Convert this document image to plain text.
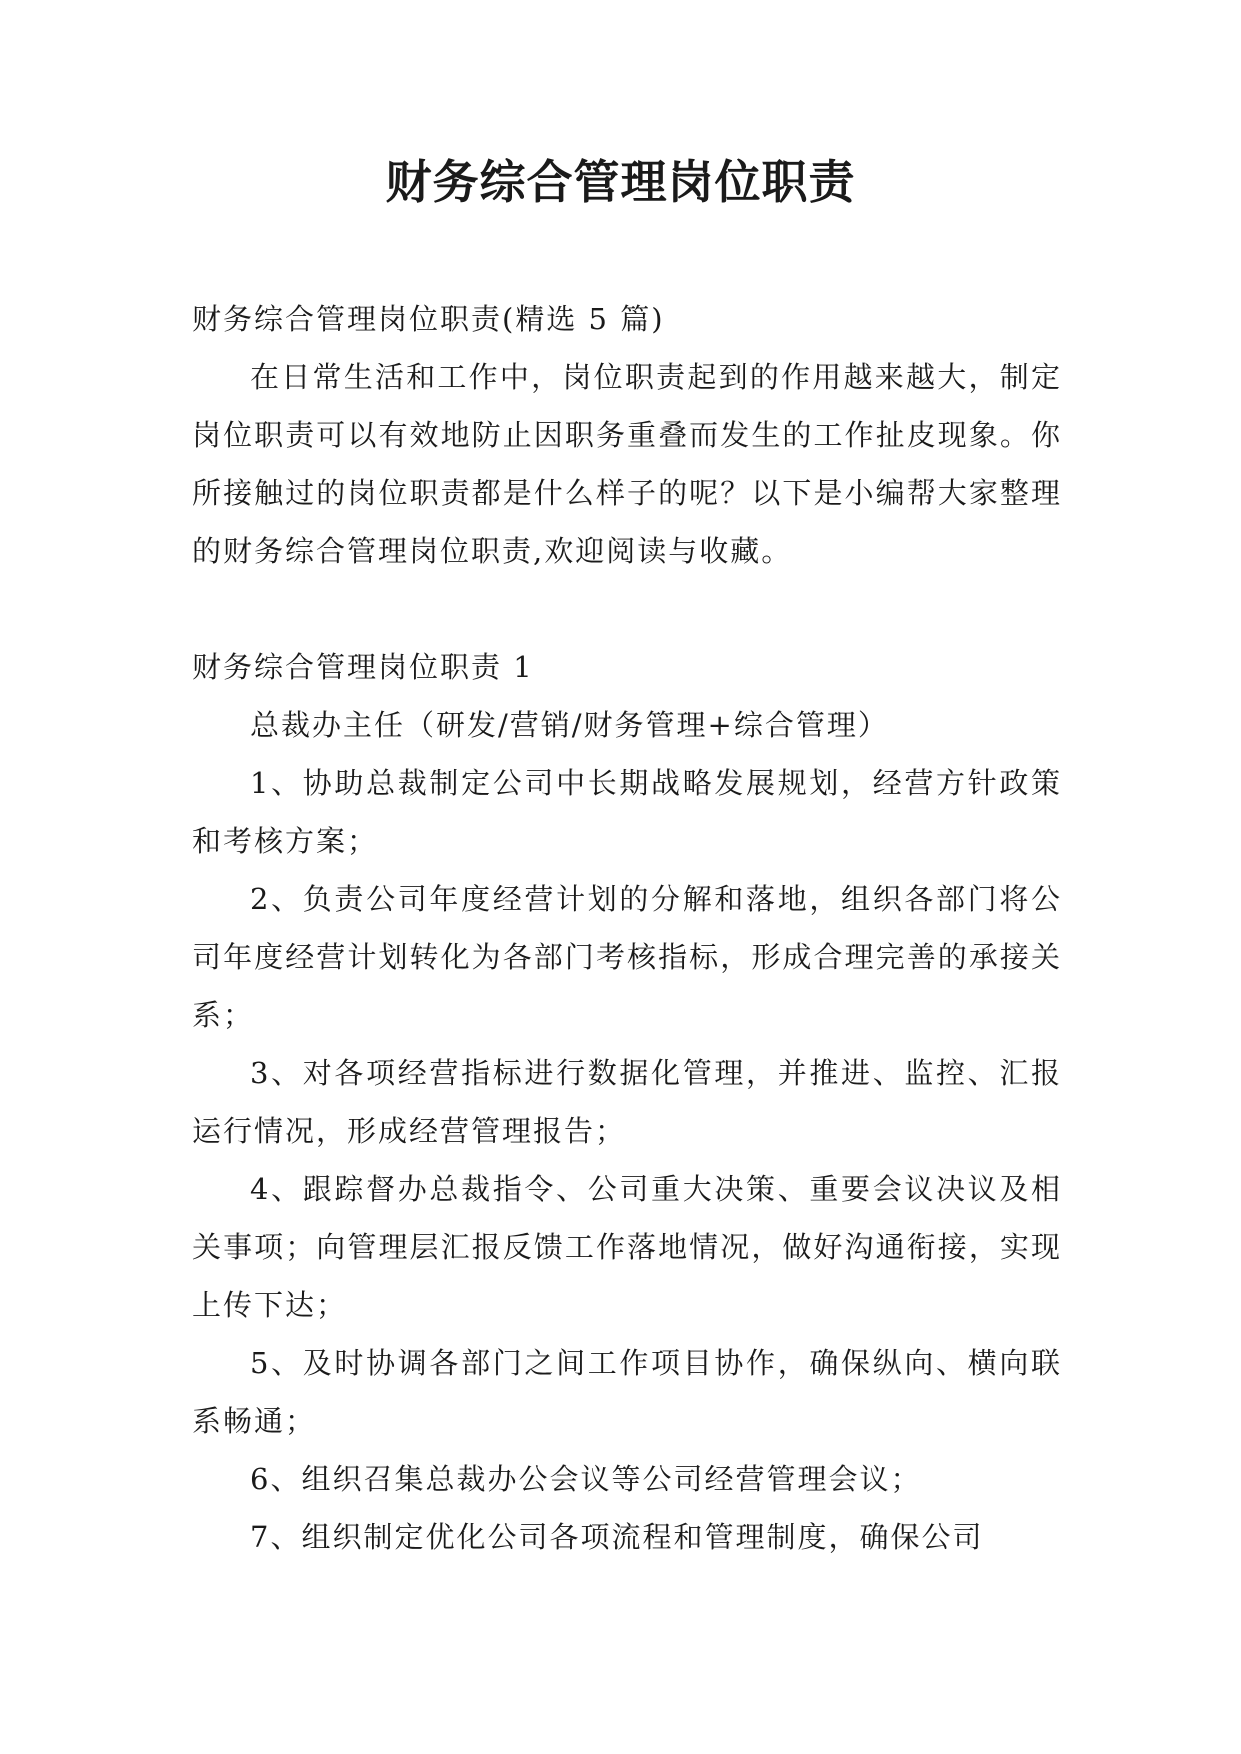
财务综合管理岗位职责

财务综合管理岗位职责(精选 5 篇)

在日常生活和工作中，岗位职责起到的作用越来越大，制定岗位职责可以有效地防止因职务重叠而发生的工作扯皮现象。你所接触过的岗位职责都是什么样子的呢？以下是小编帮大家整理的财务综合管理岗位职责,欢迎阅读与收藏。

财务综合管理岗位职责 1

总裁办主任（研发/营销/财务管理+综合管理）

1、协助总裁制定公司中长期战略发展规划，经营方针政策和考核方案；

2、负责公司年度经营计划的分解和落地，组织各部门将公司年度经营计划转化为各部门考核指标，形成合理完善的承接关系；

3、对各项经营指标进行数据化管理，并推进、监控、汇报运行情况，形成经营管理报告；

4、跟踪督办总裁指令、公司重大决策、重要会议决议及相关事项；向管理层汇报反馈工作落地情况，做好沟通衔接，实现上传下达；

5、及时协调各部门之间工作项目协作，确保纵向、横向联系畅通；

6、组织召集总裁办公会议等公司经营管理会议；

7、组织制定优化公司各项流程和管理制度，确保公司
